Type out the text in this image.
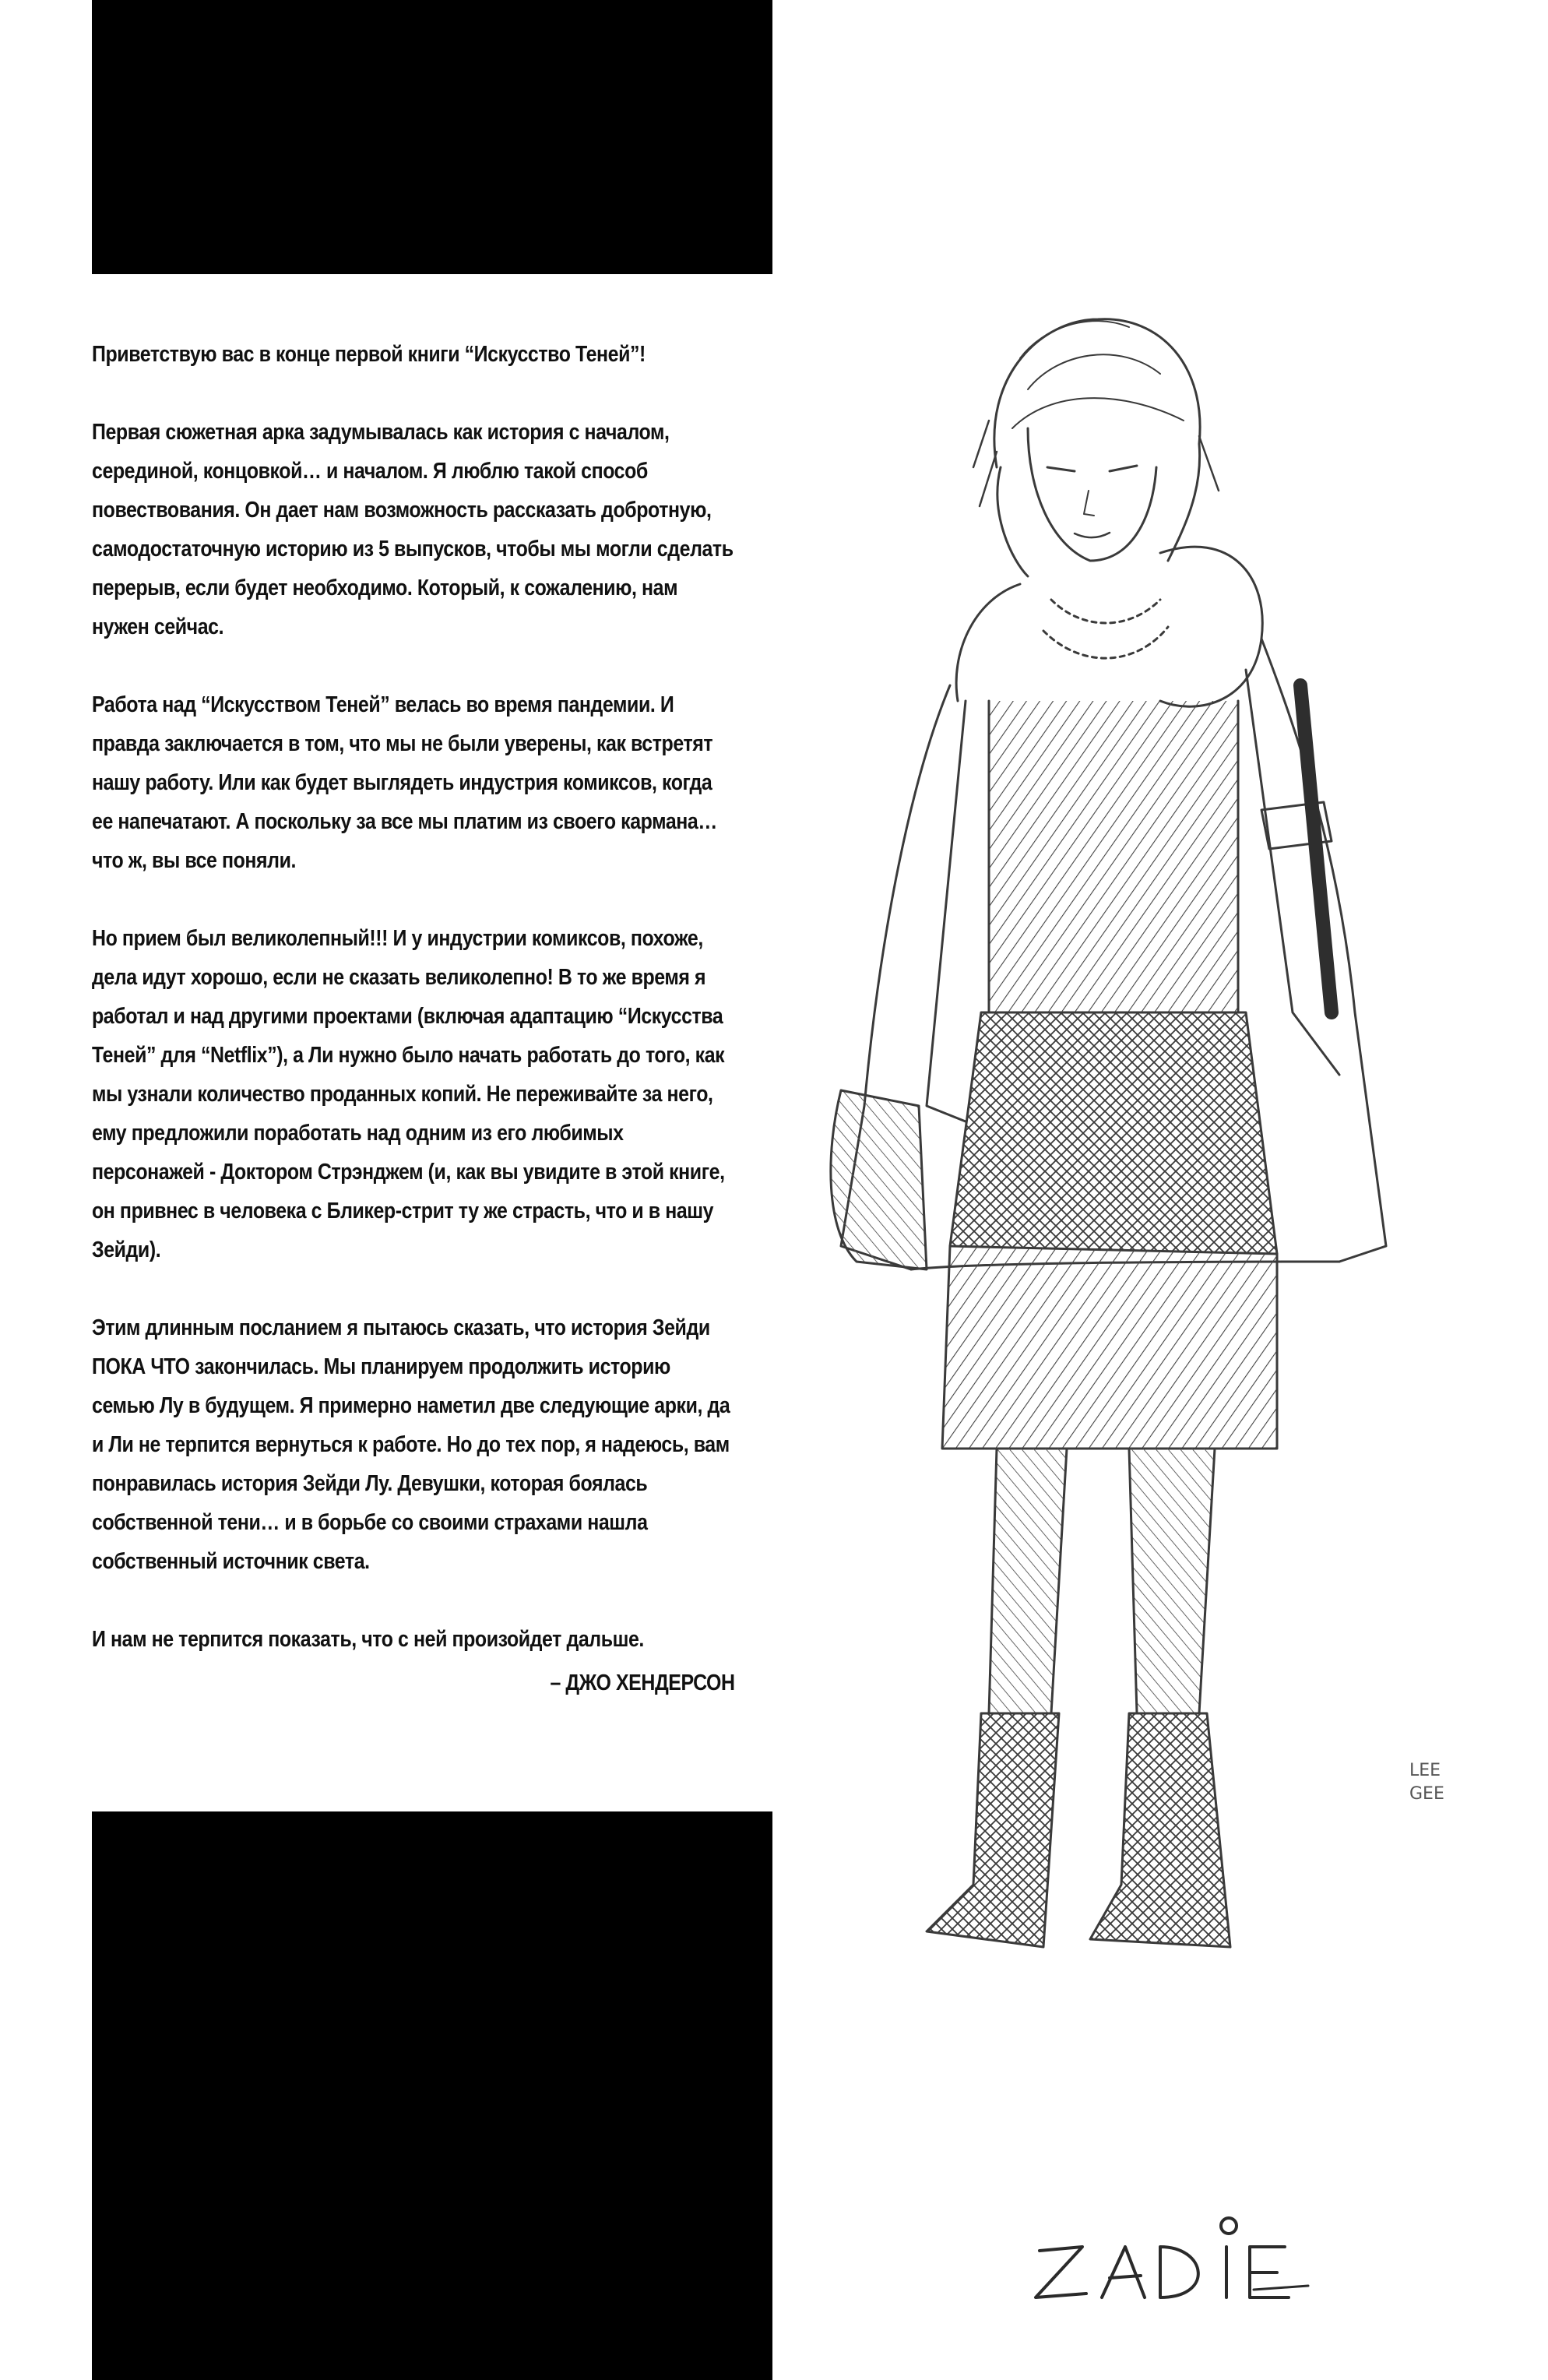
Приветствую вас в конце первой книги “Искусство Теней”!

Первая сюжетная арка задумывалась как история с началом, серединой, концовкой… и началом. Я люблю такой способ повествования. Он дает нам возможность рассказать добротную, самодостаточную историю из 5 выпусков, чтобы мы могли сделать перерыв, если будет необходимо. Который, к сожалению, нам нужен сейчас.

Работа над “Искусством Теней” велась во время пандемии. И правда заключается в том, что мы не были уверены, как встретят нашу работу. Или как будет выглядеть индустрия комиксов, когда ее напечатают. А поскольку за все мы платим из своего кармана… что ж, вы все поняли.

Но прием был великолепный!!! И у индустрии комиксов, похоже, дела идут хорошо, если не сказать великолепно! В то же время я работал и над другими проектами (включая адаптацию “Искусства Теней” для “Netflix”), а Ли нужно было начать работать до того, как мы узнали количество проданных копий. Не переживайте за него, ему предложили поработать над одним из его любимых персонажей - Доктором Стрэнджем (и, как вы увидите в этой книге, он привнес в человека с Бликер-стрит ту же страсть, что и в нашу Зейди).

Этим длинным посланием я пытаюсь сказать, что история Зейди ПОКА ЧТО закончилась. Мы планируем продолжить историю семью Лу в будущем. Я примерно наметил две следующие арки, да и Ли не терпится вернуться к работе. Но до тех пор, я надеюсь, вам понравилась история Зейди Лу. Девушки, которая боялась собственной тени… и в борьбе со своими страхами нашла собственный источник света.

И нам не терпится показать, что с ней произойдет дальше.

– ДЖО ХЕНДЕРСОН

LEE
GEE
